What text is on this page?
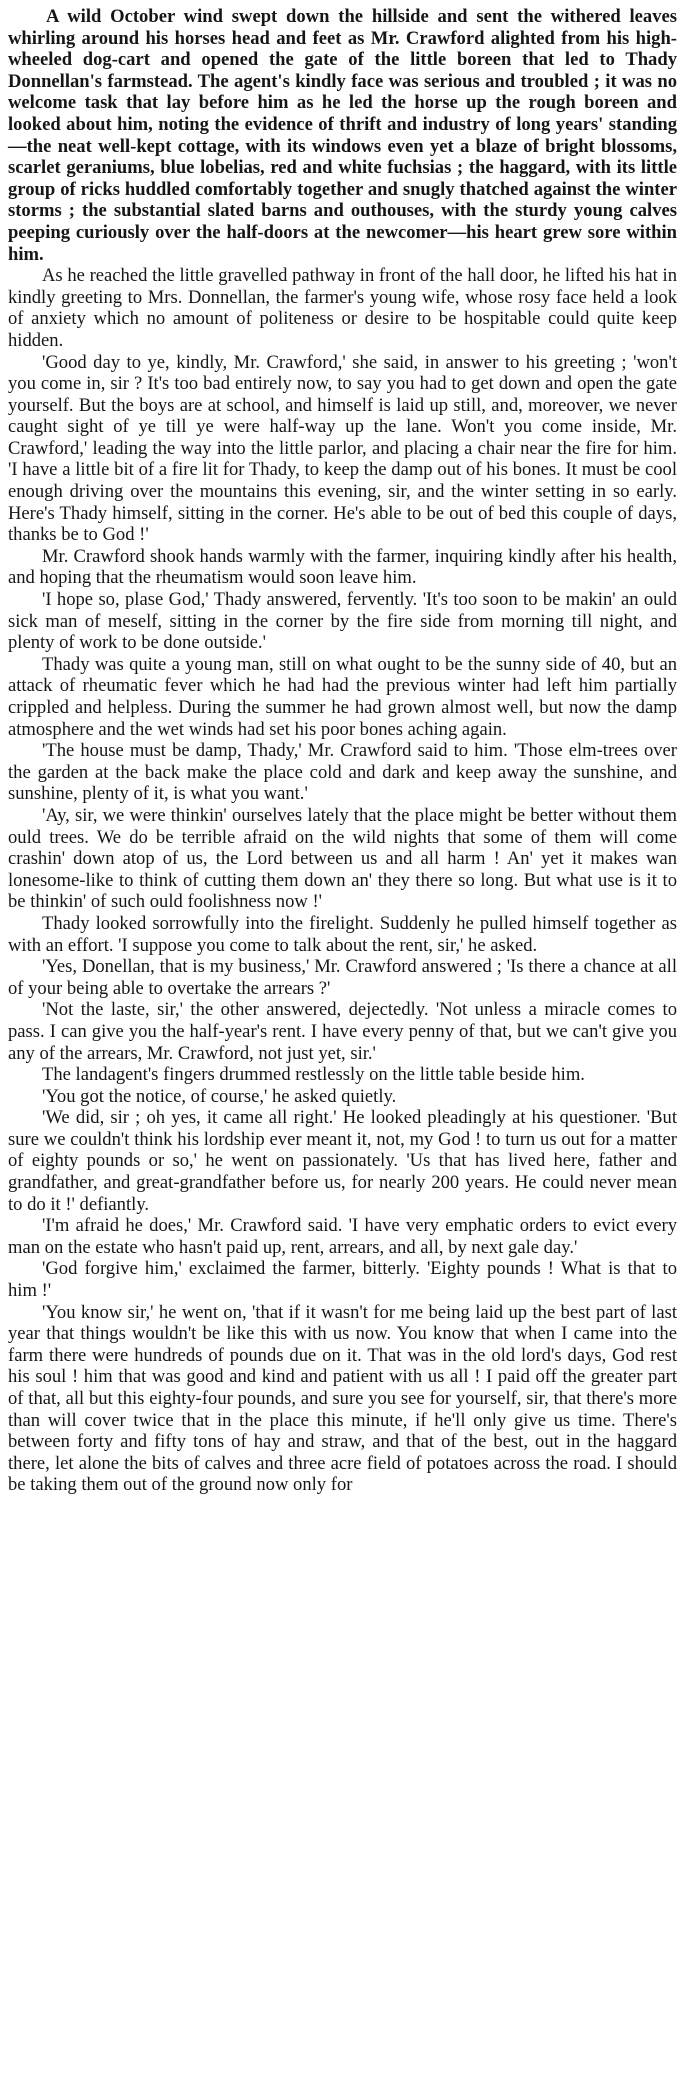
A wild October wind swept down the hillside and sent the withered leaves whirling around his horses head and feet as Mr. Crawford alighted from his high-wheeled dog-cart and opened the gate of the little boreen that led to Thady Donnellan's farmstead. The agent's kindly face was serious and troubled ; it was no welcome task that lay before him as he led the horse up the rough boreen and looked about him, noting the evidence of thrift and industry of long years' standing—the neat well-kept cottage, with its windows even yet a blaze of bright blossoms, scarlet geraniums, blue lobelias, red and white fuchsias ; the haggard, with its little group of ricks huddled comfortably together and snugly thatched against the winter storms ; the substantial slated barns and outhouses, with the sturdy young calves peeping curiously over the half-doors at the newcomer—his heart grew sore within him.

As he reached the little gravelled pathway in front of the hall door, he lifted his hat in kindly greeting to Mrs. Donnellan, the farmer's young wife, whose rosy face held a look of anxiety which no amount of politeness or desire to be hospitable could quite keep hidden.

'Good day to ye, kindly, Mr. Crawford,' she said, in answer to his greeting ; 'won't you come in, sir ? It's too bad entirely now, to say you had to get down and open the gate yourself. But the boys are at school, and himself is laid up still, and, moreover, we never caught sight of ye till ye were half-way up the lane. Won't you come inside, Mr. Crawford,' leading the way into the little parlor, and placing a chair near the fire for him. 'I have a little bit of a fire lit for Thady, to keep the damp out of his bones. It must be cool enough driving over the mountains this evening, sir, and the winter setting in so early. Here's Thady himself, sitting in the corner. He's able to be out of bed this couple of days, thanks be to God !'

Mr. Crawford shook hands warmly with the farmer, inquiring kindly after his health, and hoping that the rheumatism would soon leave him.

'I hope so, plase God,' Thady answered, fervently. 'It's too soon to be makin' an ould sick man of meself, sitting in the corner by the fire side from morning till night, and plenty of work to be done outside.'

Thady was quite a young man, still on what ought to be the sunny side of 40, but an attack of rheumatic fever which he had had the previous winter had left him partially crippled and helpless. During the summer he had grown almost well, but now the damp atmosphere and the wet winds had set his poor bones aching again.

'The house must be damp, Thady,' Mr. Crawford said to him. 'Those elm-trees over the garden at the back make the place cold and dark and keep away the sunshine, and sunshine, plenty of it, is what you want.'

'Ay, sir, we were thinkin' ourselves lately that the place might be better without them ould trees. We do be terrible afraid on the wild nights that some of them will come crashin' down atop of us, the Lord between us and all harm ! An' yet it makes wan lonesome-like to think of cutting them down an' they there so long. But what use is it to be thinkin' of such ould foolishness now !'

Thady looked sorrowfully into the firelight. Suddenly he pulled himself together as with an effort. 'I suppose you come to talk about the rent, sir,' he asked.

'Yes, Donellan, that is my business,' Mr. Crawford answered ; 'Is there a chance at all of your being able to overtake the arrears ?'

'Not the laste, sir,' the other answered, dejectedly. 'Not unless a miracle comes to pass. I can give you the half-year's rent. I have every penny of that, but we can't give you any of the arrears, Mr. Crawford, not just yet, sir.'

The landagent's fingers drummed restlessly on the little table beside him.

'You got the notice, of course,' he asked quietly.

'We did, sir ; oh yes, it came all right.' He looked pleadingly at his questioner. 'But sure we couldn't think his lordship ever meant it, not, my God ! to turn us out for a matter of eighty pounds or so,' he went on passionately. 'Us that has lived here, father and grandfather, and great-grandfather before us, for nearly 200 years. He could never mean to do it !' defiantly.

'I'm afraid he does,' Mr. Crawford said. 'I have very emphatic orders to evict every man on the estate who hasn't paid up, rent, arrears, and all, by next gale day.'

'God forgive him,' exclaimed the farmer, bitterly. 'Eighty pounds ! What is that to him !'

'You know sir,' he went on, 'that if it wasn't for me being laid up the best part of last year that things wouldn't be like this with us now. You know that when I came into the farm there were hundreds of pounds due on it. That was in the old lord's days, God rest his soul ! him that was good and kind and patient with us all ! I paid off the greater part of that, all but this eighty-four pounds, and sure you see for yourself, sir, that there's more than will cover twice that in the place this minute, if he'll only give us time. There's between forty and fifty tons of hay and straw, and that of the best, out in the haggard there, let alone the bits of calves and three acre field of potatoes across the road. I should be taking them out of the ground now only for
